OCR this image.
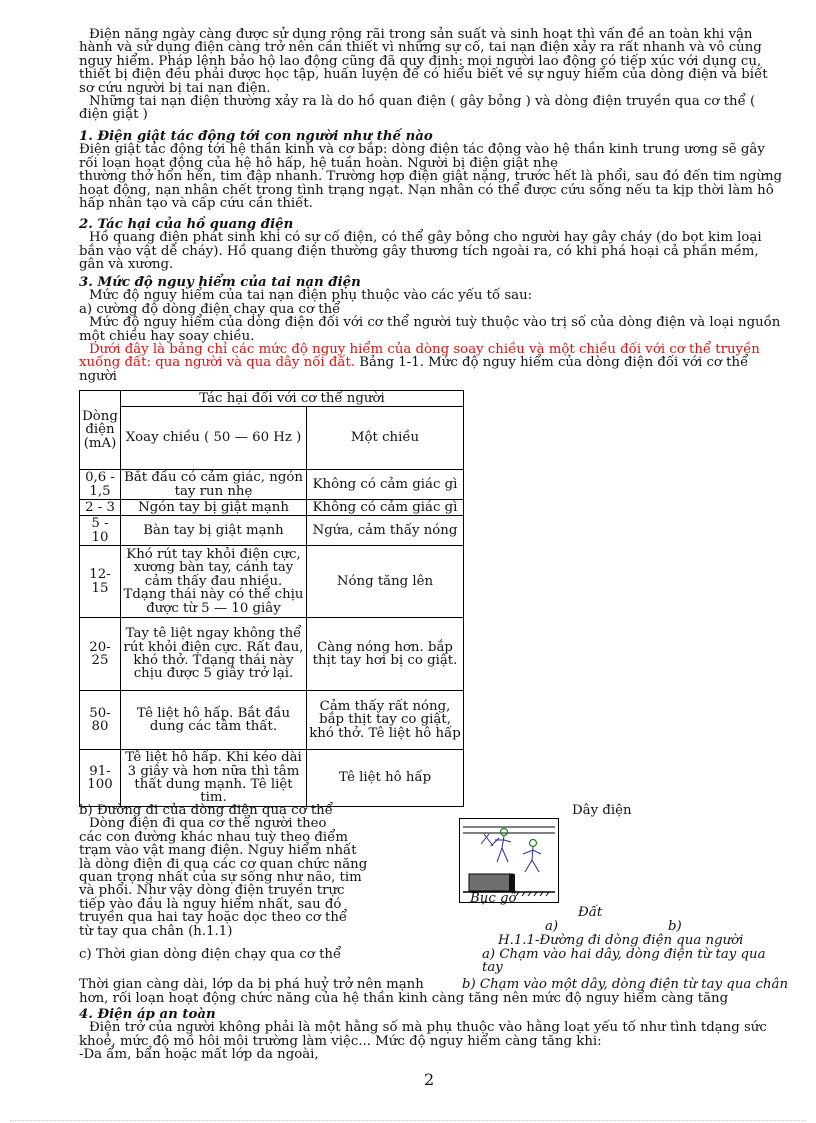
Điện năng ngày càng được sử dụng rộng rãi trong sản suất và sinh hoạt thì vấn đề an toàn khi vận hành và sử dụng điện càng trở nên cần thiết vì những sự cố, tai nạn điện xảy ra rất nhanh và vô cùng nguy hiểm. Pháp lệnh bảo hộ lao động cũng đã quy định: mọi người lao động có tiếp xúc với dụng cụ, thiết bị điện đều phải được học tập, huấn luyện để có hiểu biết về sự nguy hiểm của dòng điện và biết sơ cứu người bị tai nạn điện.

Những tai nạn điện thường xảy ra là do hồ quan điện ( gây bỏng ) và dòng điện truyền qua cơ thể ( điện giật )

1. Điện giật tác động tới con người như thế nào

Điện giật tác động tới hệ thần kinh và cơ bắp: dòng điện tác động vào hệ thần kinh trung ương sẽ gây rối loạn hoạt động của hệ hô hấp, hệ tuần hoàn. Người bị điện giật nhẹ

thường thở hổn hển, tim đập nhanh. Trường hợp điện giật nặng, trước hết là phổi, sau đó đến tim ngừng hoạt động, nạn nhân chết trong tình trạng ngạt. Nạn nhân có thể được cứu sống nếu ta kịp thời làm hô hấp nhân tạo và cấp cứu cần thiết.

2. Tác hại của hồ quang điện

Hồ quang điện phát sinh khi có sự cố điện, có thể gây bỏng cho người hay gây cháy (do bọt kim loại bắn vào vật dễ cháy). Hồ quang điện thường gây thương tích ngoài ra, có khi phá hoại cả phần mềm, gân và xương.

3. Mức độ nguy hiểm của tai nạn điện

Mức độ nguy hiểm của tai nạn điện phụ thuộc vào các yếu tố sau:

a) cường độ dòng điện chạy qua cơ thể

Mức độ nguy hiểm của dòng điện đối với cơ thể người tuỳ thuộc vào trị số của dòng điện và loại nguồn một chiều hay soay chiều.

Dưới đây là bảng chỉ các mức độ nguy hiểm của dòng soay chiều và một chiều đối với cơ thể truyền xuống đất: qua người và qua dây nối đất. Bảng 1-1. Mức độ nguy hiểm của dòng điện đối với cơ thể người

Dòng điện (mA)	Tác hại đối với cơ thể người	
	Xoay chiều ( 50 — 60 Hz )	Một chiều
0,6 - 1,5	Bắt đầu có cảm giác, ngón tay run nhẹ	Không có cảm giác gì
2 - 3	Ngón tay bị giật mạnh	Không có cảm giác gì
5 - 10	Bàn tay bị giật mạnh	Ngứa, cảm thấy nóng
12- 15	Khó rút tay khỏi điện cực, xương bàn tay, cánh tay cảm thấy đau nhiều. Tdạng thái này có thể chịu được từ 5 — 10 giây	Nóng tăng lên
20- 25	Tay tê liệt ngay không thể rút khỏi điện cực. Rất đau, khó thở. Tdạng thái này chịu được 5 giây trở lại.	Càng nóng hơn. bắp thịt tay hơi bị co giật.
50- 80	Tê liệt hô hấp. Bắt đầu dung các tâm thất.	Cảm thấy rất nóng, bắp thịt tay co giật, khó thở. Tê liệt hô hấp
91- 100	Tê liệt hô hấp. Khi kéo dài 3 giây và hơn nữa thì tâm thất dung mạnh. Tê liệt tim.	Tê liệt hô hấp

b) Đường đi của dòng điện qua cơ thể

Dòng điện đi qua cơ thể người theo

các con đường khác nhau tuỳ theo điểm

trạm vào vật mang điện. Nguy hiểm nhất

là dòng điện đi qua các cơ quan chức năng

quan trọng nhất của sự sống như não, tim

và phổi. Như vậy dòng điện truyền trực

tiếp vào đầu là nguy hiểm nhất, sau đó

truyền qua hai tay hoặc dọc theo cơ thể

từ tay qua chân (h.1.1)

Dây điện
Bục gỗ
Đất
a)	b)
H.1.1-Đường đi dòng điện qua người

c) Thời gian dòng điện chạy qua cơ thể	a) Chạm vào hai dây, dòng điện từ tay qua tay

Thời gian càng dài, lớp da bị phá huỷ trở nên mạnh	b) Chạm vào một dây, dòng điện từ tay qua chân

hơn, rối loạn hoạt động chức năng của hệ thần kinh càng tăng nên mức độ nguy hiểm càng tăng

4. Điện áp an toàn

Điện trở của người không phải là một hằng số mà phụ thuộc vào hằng loạt yếu tố như tình tdạng sức khoẻ, mức độ mồ hôi môi trường làm việc... Mức độ nguy hiểm càng tăng khi:

-Da ẩm, bẩn hoặc mất lớp da ngoài,

2
